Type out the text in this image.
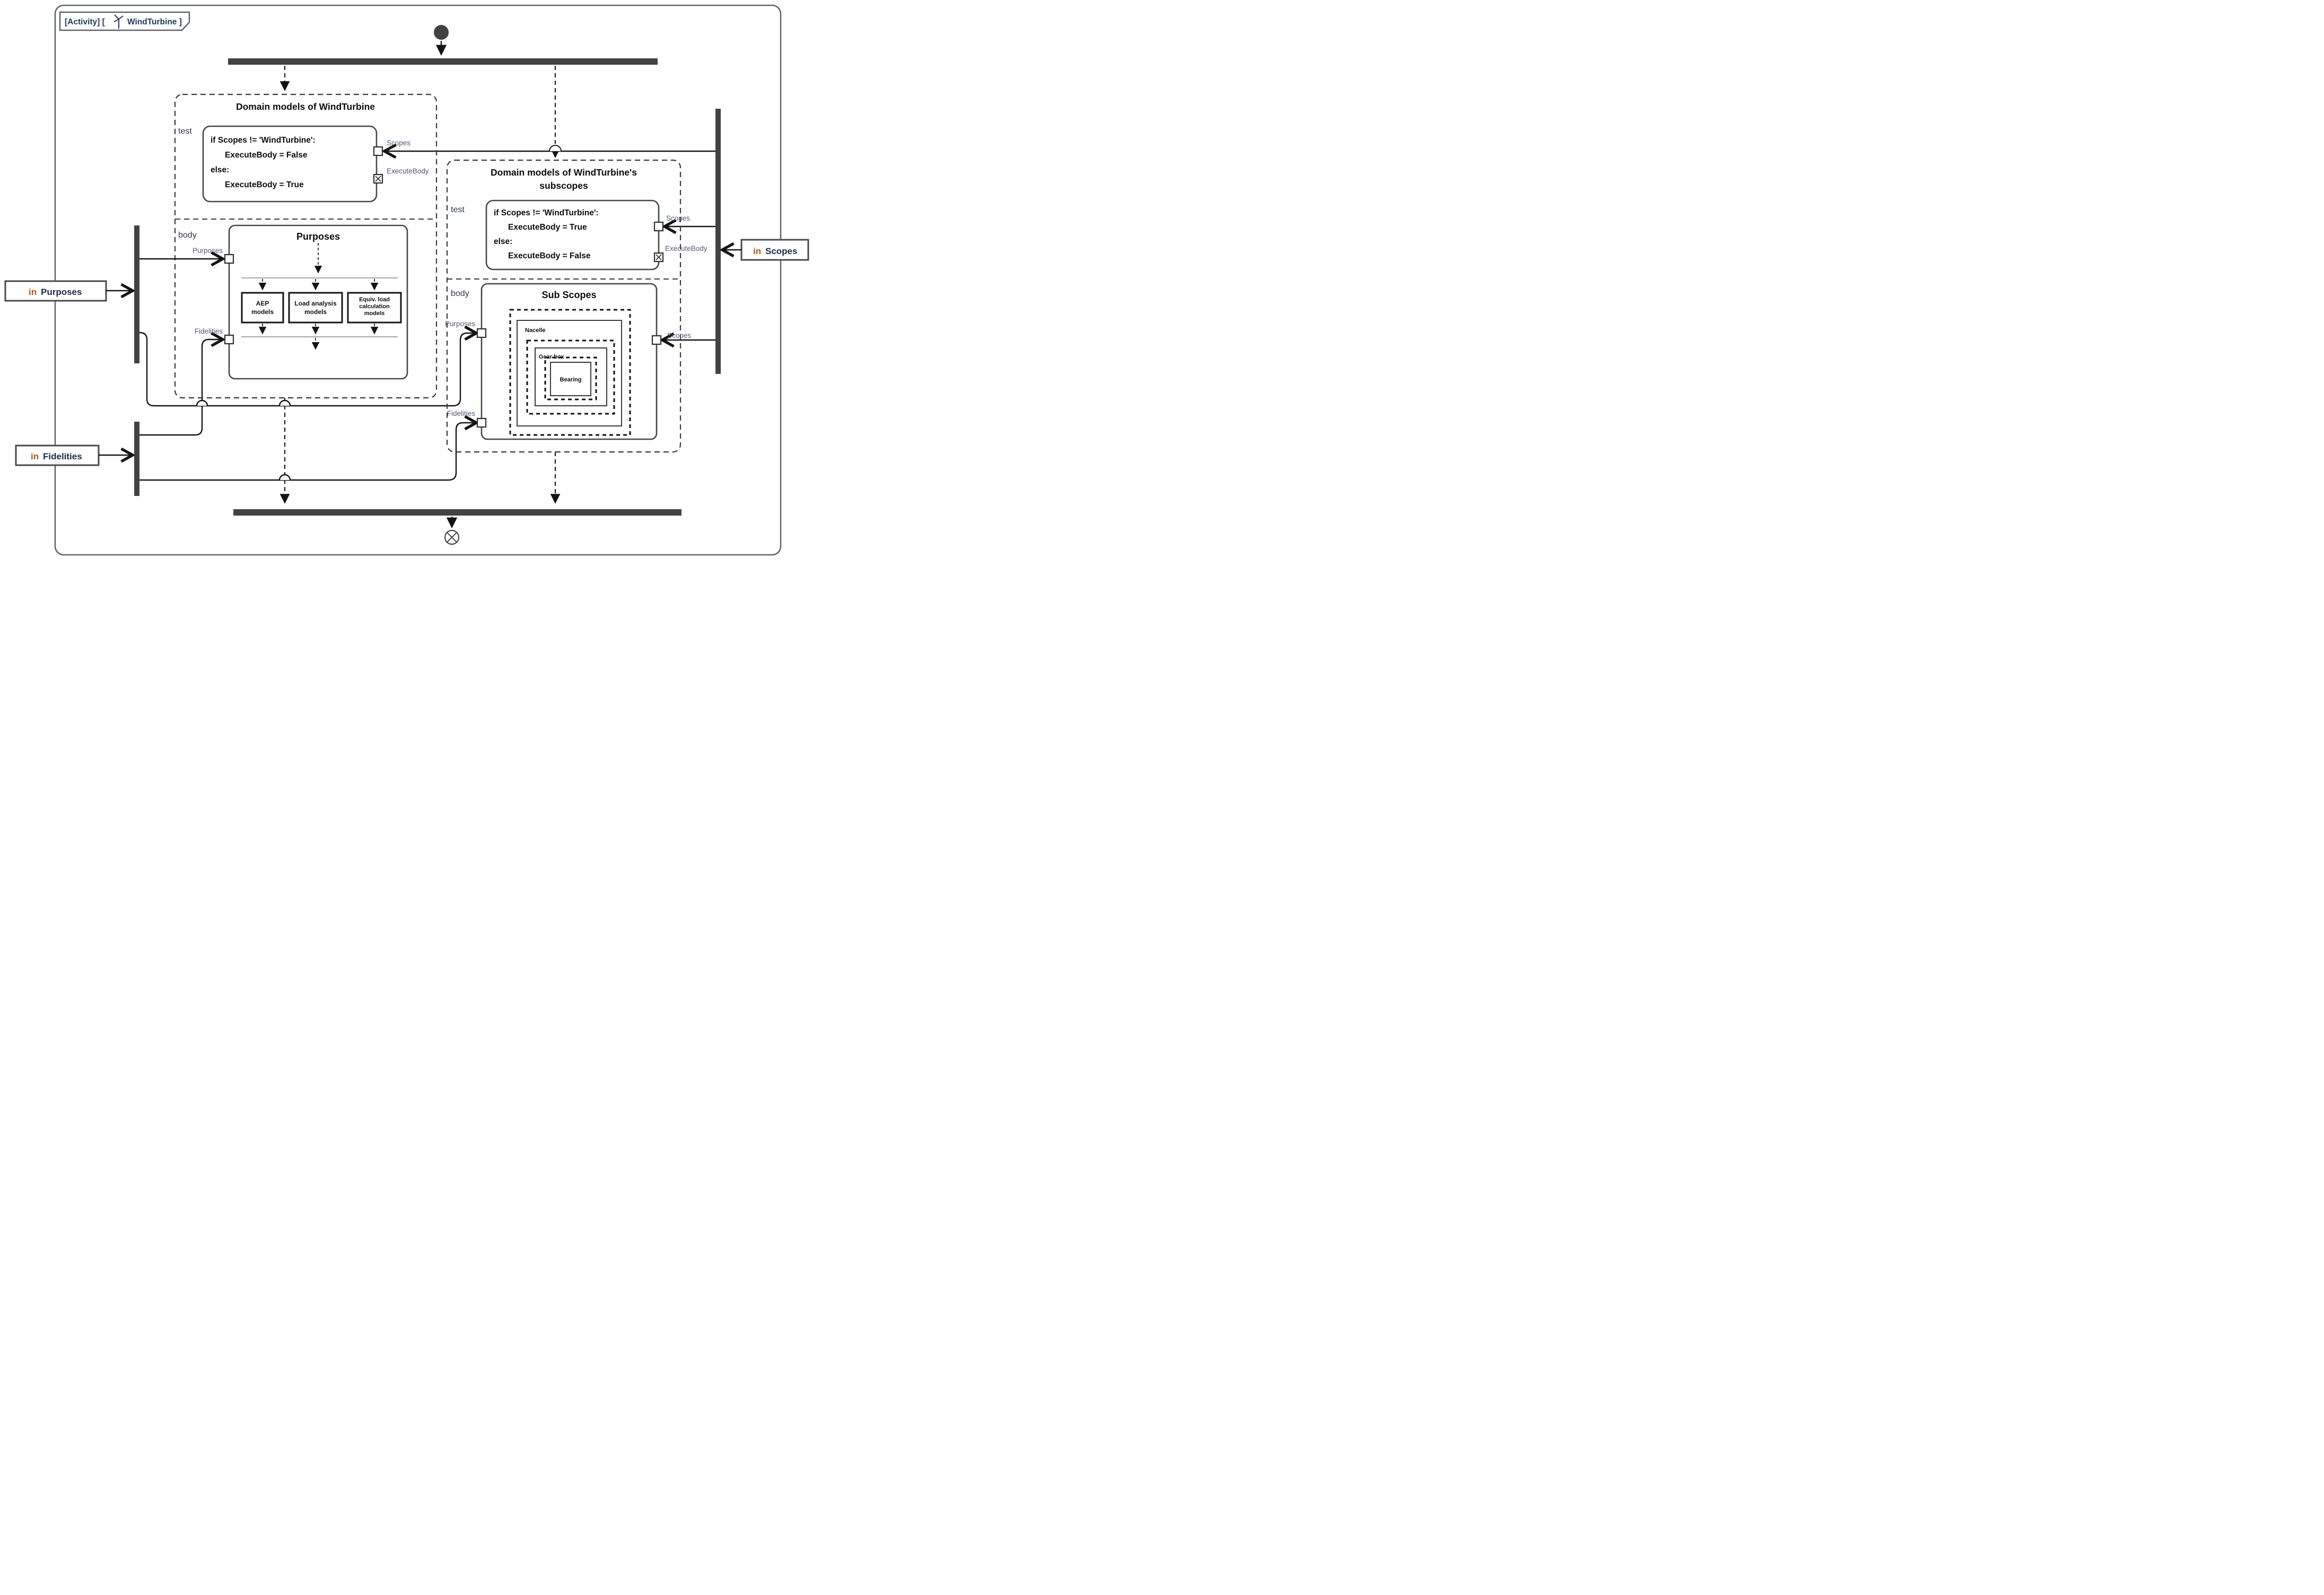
[Activity] [	WindTurbine ]
Domain models of WindTurbine
test
body
if Scopes != 'WindTurbine':
ExecuteBody = False
else:
ExecuteBody = True
Scopes
ExecuteBody
Purposes
AEP
models
Load analysis
models
Equiv. load
calculation
models
Purposes
Fidelities
Domain models of WindTurbine's
subscopes
test
body
if Scopes != 'WindTurbine':
ExecuteBody = True
else:
ExecuteBody = False
Scopes
ExecuteBody
Sub Scopes
Nacelle
Gear box
Bearing
Purposes
Fidelities
Scopes
in Purposes
in Fidelities
in Scopes
